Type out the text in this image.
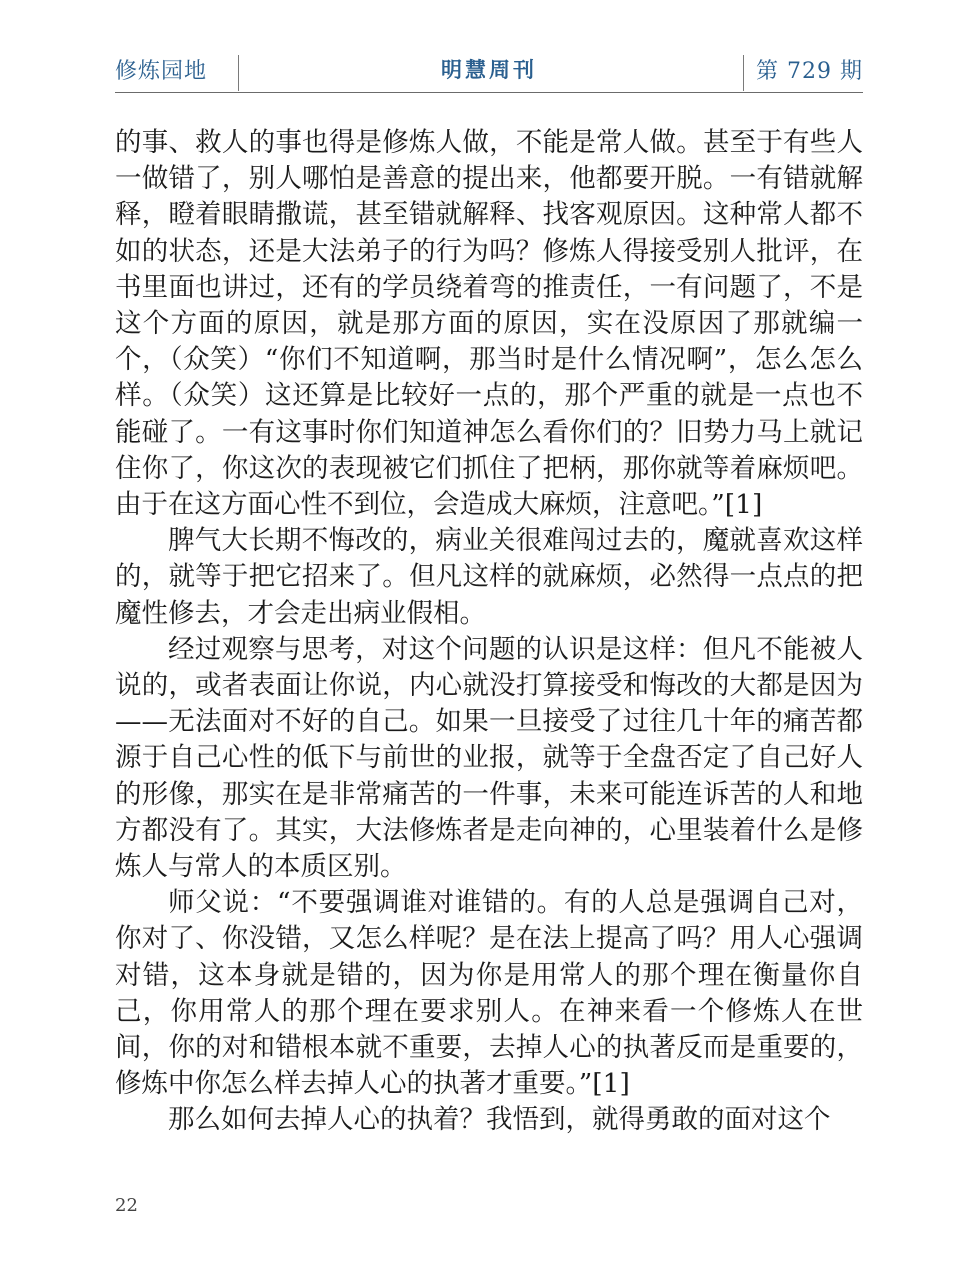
修炼园地	明慧周刊	第 729 期

的事、救人的事也得是修炼人做，不能是常人做。甚至于有些人一做错了，别人哪怕是善意的提出来，他都要开脱。一有错就解释，瞪着眼睛撒谎，甚至错就解释、找客观原因。这种常人都不如的状态，还是大法弟子的行为吗？修炼人得接受别人批评，在书里面也讲过，还有的学员绕着弯的推责任，一有问题了，不是这个方面的原因，就是那方面的原因，实在没原因了那就编一个，（众笑）“你们不知道啊，那当时是什么情况啊”，怎么怎么样。（众笑）这还算是比较好一点的，那个严重的就是一点也不能碰了。一有这事时你们知道神怎么看你们的？旧势力马上就记住你了，你这次的表现被它们抓住了把柄，那你就等着麻烦吧。由于在这方面心性不到位，会造成大麻烦，注意吧。”[1]

脾气大长期不悔改的，病业关很难闯过去的，魔就喜欢这样的，就等于把它招来了。但凡这样的就麻烦，必然得一点点的把魔性修去，才会走出病业假相。

经过观察与思考，对这个问题的认识是这样：但凡不能被人说的，或者表面让你说，内心就没打算接受和悔改的大都是因为——无法面对不好的自己。如果一旦接受了过往几十年的痛苦都源于自己心性的低下与前世的业报，就等于全盘否定了自己好人的形像，那实在是非常痛苦的一件事，未来可能连诉苦的人和地方都没有了。其实，大法修炼者是走向神的，心里装着什么是修炼人与常人的本质区别。

师父说：“不要强调谁对谁错的。有的人总是强调自己对，你对了、你没错，又怎么样呢？是在法上提高了吗？用人心强调对错，这本身就是错的，因为你是用常人的那个理在衡量你自己，你用常人的那个理在要求别人。在神来看一个修炼人在世间，你的对和错根本就不重要，去掉人心的执著反而是重要的，修炼中你怎么样去掉人心的执著才重要。”[1]

那么如何去掉人心的执着？我悟到，就得勇敢的面对这个

22
